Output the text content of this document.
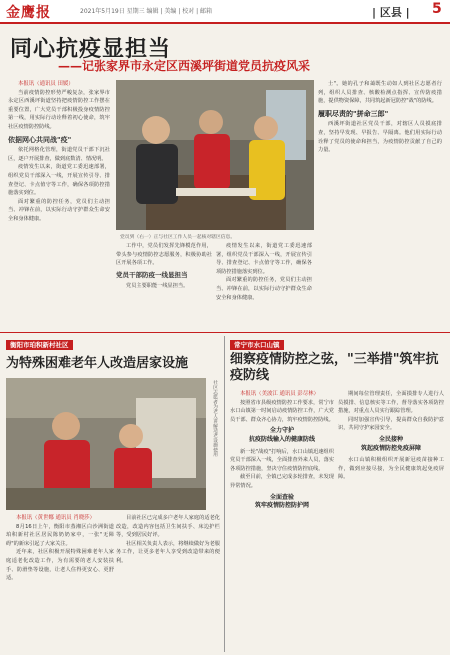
金鹰报	2021年5月19日 星期三 编辑 | 美编 | 校对 | 邮箱	| 区县 | 5
同心抗疫显担当
——记张家界市永定区西溪坪街道党员抗疫风采

本报讯（通讯员 田媛）

当前疫情防控形势严峻复杂，张家界市永定区西溪坪街道坚持把疫情防控工作摆在重要位置，广大党员干部积极投身疫情防控第一线，用实际行动诠释着初心使命，筑牢社区疫情防控防线。

依据网心共同战"疫"

依托网格化管理，街道党员干部下沉社区，逐户开展排查，做到底数清、情况明。

疫情发生以来，街道党工委迅速部署，组织党员干部深入一线，开展宣传引导、排查登记、卡点值守等工作，确保各项防控措施落实到位。

面对繁重的防控任务，党员们主动担当、冲锋在前，以实际行动守护群众生命安全和身体健康。

党员到（右一）正与社区工作人员一起核对辖区信息。

工作中，党员们发挥先锋模范作用，带头参与疫情防控志愿服务，积极协助社区开展各项工作。

党员干部防疫一线显担当

党员主要职能一线显担当。

疫情发生以来，街道党工委迅速部署，组织党员干部深入一线，开展宣传引导、排查登记、卡点值守等工作，确保各项防控措施落实到位。

面对繁重的防控任务，党员们主动担当、冲锋在前，以实际行动守护群众生命安全和身体健康。

士"。她的孔子和蔼既生动如人到社区志愿者行列，组织人员排查、核酸检测点指挥、宣传防疫措施，提供物资保障，共同筑起新冠防控"战"的防线。

履职尽责的"拼命三郎"

西溪坪街道社区党员干部，对辖区人员摸底排查，坚持早发现、早报告、早隔离。他们用实际行动诠释了党员的使命和担当，为疫情防控贡献了自己的力量。

衡阳市珀积新村社区
为特殊困难老年人改造居家设施
社区志愿者为老人讲解适老设施使用

本报讯（黄世娜 通讯员 肖晓莎）

8月16日上午，衡阳市蒸湘区白沙洲街道珀积新村社区居民陈奶奶家中，一张"无障碍"的新床引起了大家关注。

近年来，社区积极开展特殊困难老年人家庭适老化改造工作，为有需要的老人安装扶手、防滑垫等设施，让老人住得更安心、更舒适。

目前社区已完成多户老年人家庭的适老化改造，改造内容包括卫生间扶手、床边护栏等，受到居民好评。

社区相关负责人表示，将继续做好为老服务工作，让更多老年人享受到改造带来的便利。

常宁市水口山镇
细察疫情防控之弦，"三举措"筑牢抗疫防线

本报讯（美波江 通讯员 彭尽林）

按照省市县级疫情防控工作要求，常宁市水口山镇第一时间启动疫情防控工作，广大党员干部、群众齐心协力，筑牢疫情防控防线。

全力守护
抗疫防线输入的健康防线

新一轮"战疫"打响后，水口山镇迅速组织党员干部深入一线，全面排查外来人员，落实各项防控措施，坚决守住疫情防控底线。

截至目前，全镇已完成多轮排查，未发现异常情况。

全面查验
筑牢疫情防控防护网

期间每位管理责任，全面摸排专人进行人员摸排、信息核实等工作，督导落实各项防控措施，对重点人员实行跟踪管理。

同时加强宣传引导，提高群众自我防护意识，共同守护家园安全。

全民接种
筑起疫情防控免疫屏障

水口山镇积极组织开展新冠疫苗接种工作，做到应接尽接，为全民健康筑起免疫屏障。
